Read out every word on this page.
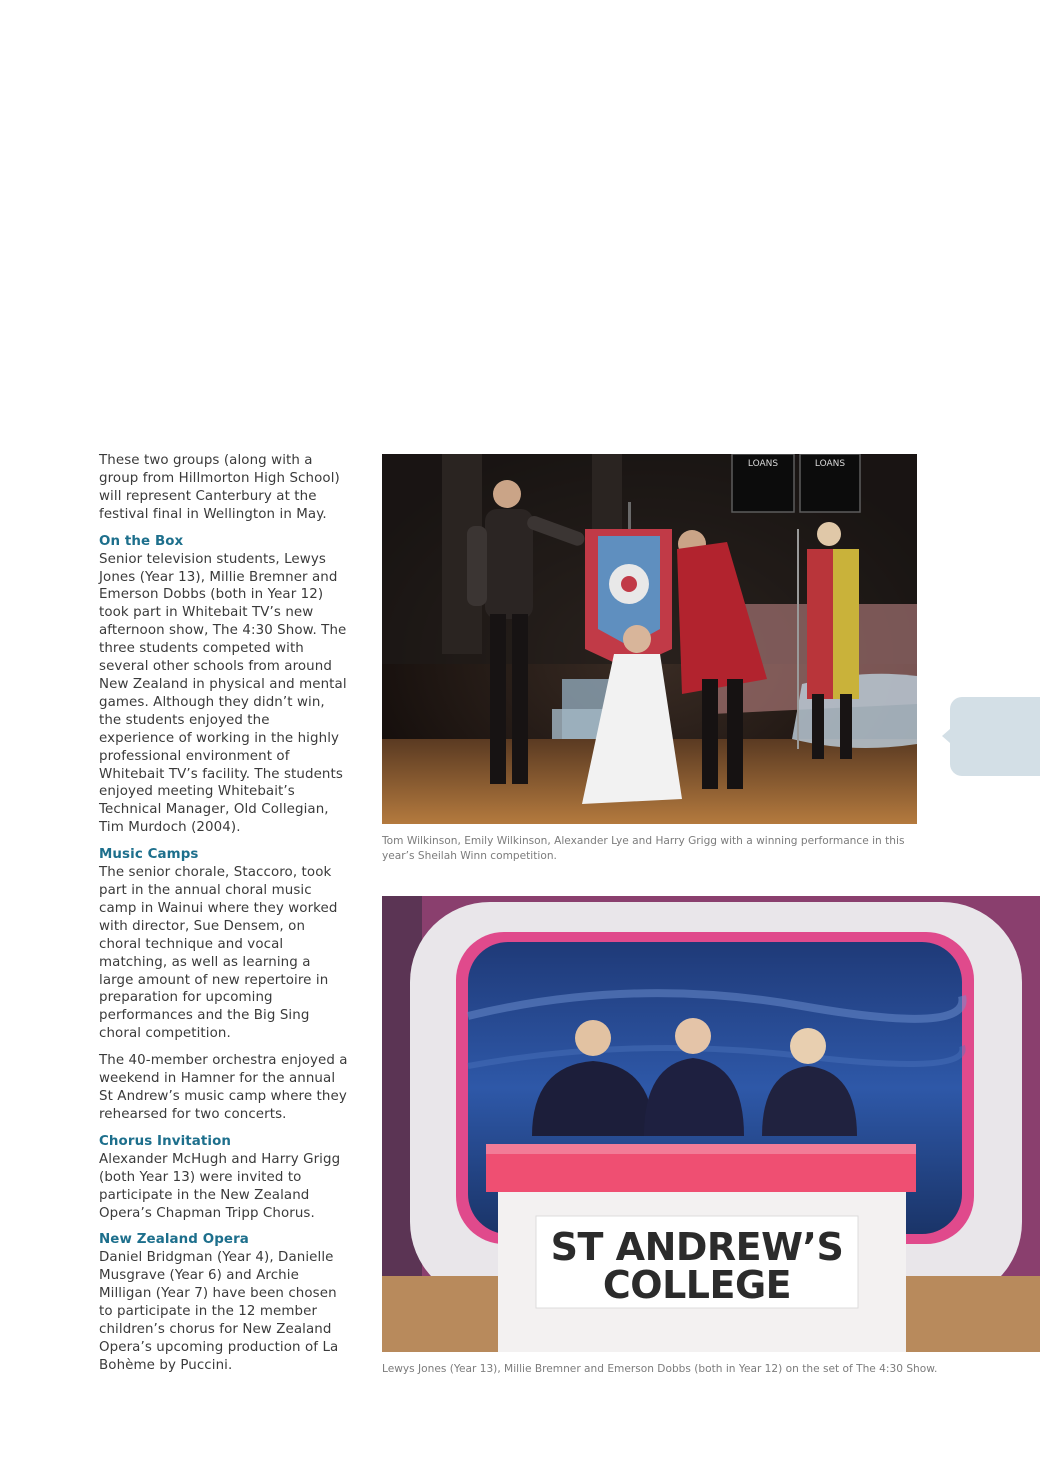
These two groups (along with a group from Hillmorton High School) will represent Canterbury at the festival final in Wellington in May.

On the Box

Senior television students, Lewys Jones (Year 13), Millie Bremner and Emerson Dobbs (both in Year 12) took part in Whitebait TV’s new afternoon show, The 4:30 Show. The three students competed with several other schools from around New Zealand in physical and mental games. Although they didn’t win, the students enjoyed the experience of working in the highly professional environment of Whitebait TV’s facility. The students enjoyed meeting Whitebait’s Technical Manager, Old Collegian, Tim Murdoch (2004).

Music Camps

The senior chorale, Staccoro, took part in the annual choral music camp in Wainui where they worked with director, Sue Densem, on choral technique and vocal matching, as well as learning a large amount of new repertoire in preparation for upcoming performances and the Big Sing choral competition.

The 40-member orchestra enjoyed a weekend in Hamner for the annual St Andrew’s music camp where they rehearsed for two concerts.

Chorus Invitation

Alexander McHugh and Harry Grigg (both Year 13) were invited to participate in the New Zealand Opera’s Chapman Tripp Chorus.

New Zealand Opera

Daniel Bridgman (Year 4), Danielle Musgrave (Year 6) and Archie Milligan (Year 7) have been chosen to participate in the 12 member children’s chorus for New Zealand Opera’s upcoming production of La Bohème by Puccini.

LOANS	LOANS
Tom Wilkinson, Emily Wilkinson, Alexander Lye and Harry Grigg with a winning performance in this year’s Sheilah Winn competition.
ST ANDREW’S
COLLEGE
Lewys Jones (Year 13), Millie Bremner and Emerson Dobbs (both in Year 12) on the set of The 4:30 Show.
